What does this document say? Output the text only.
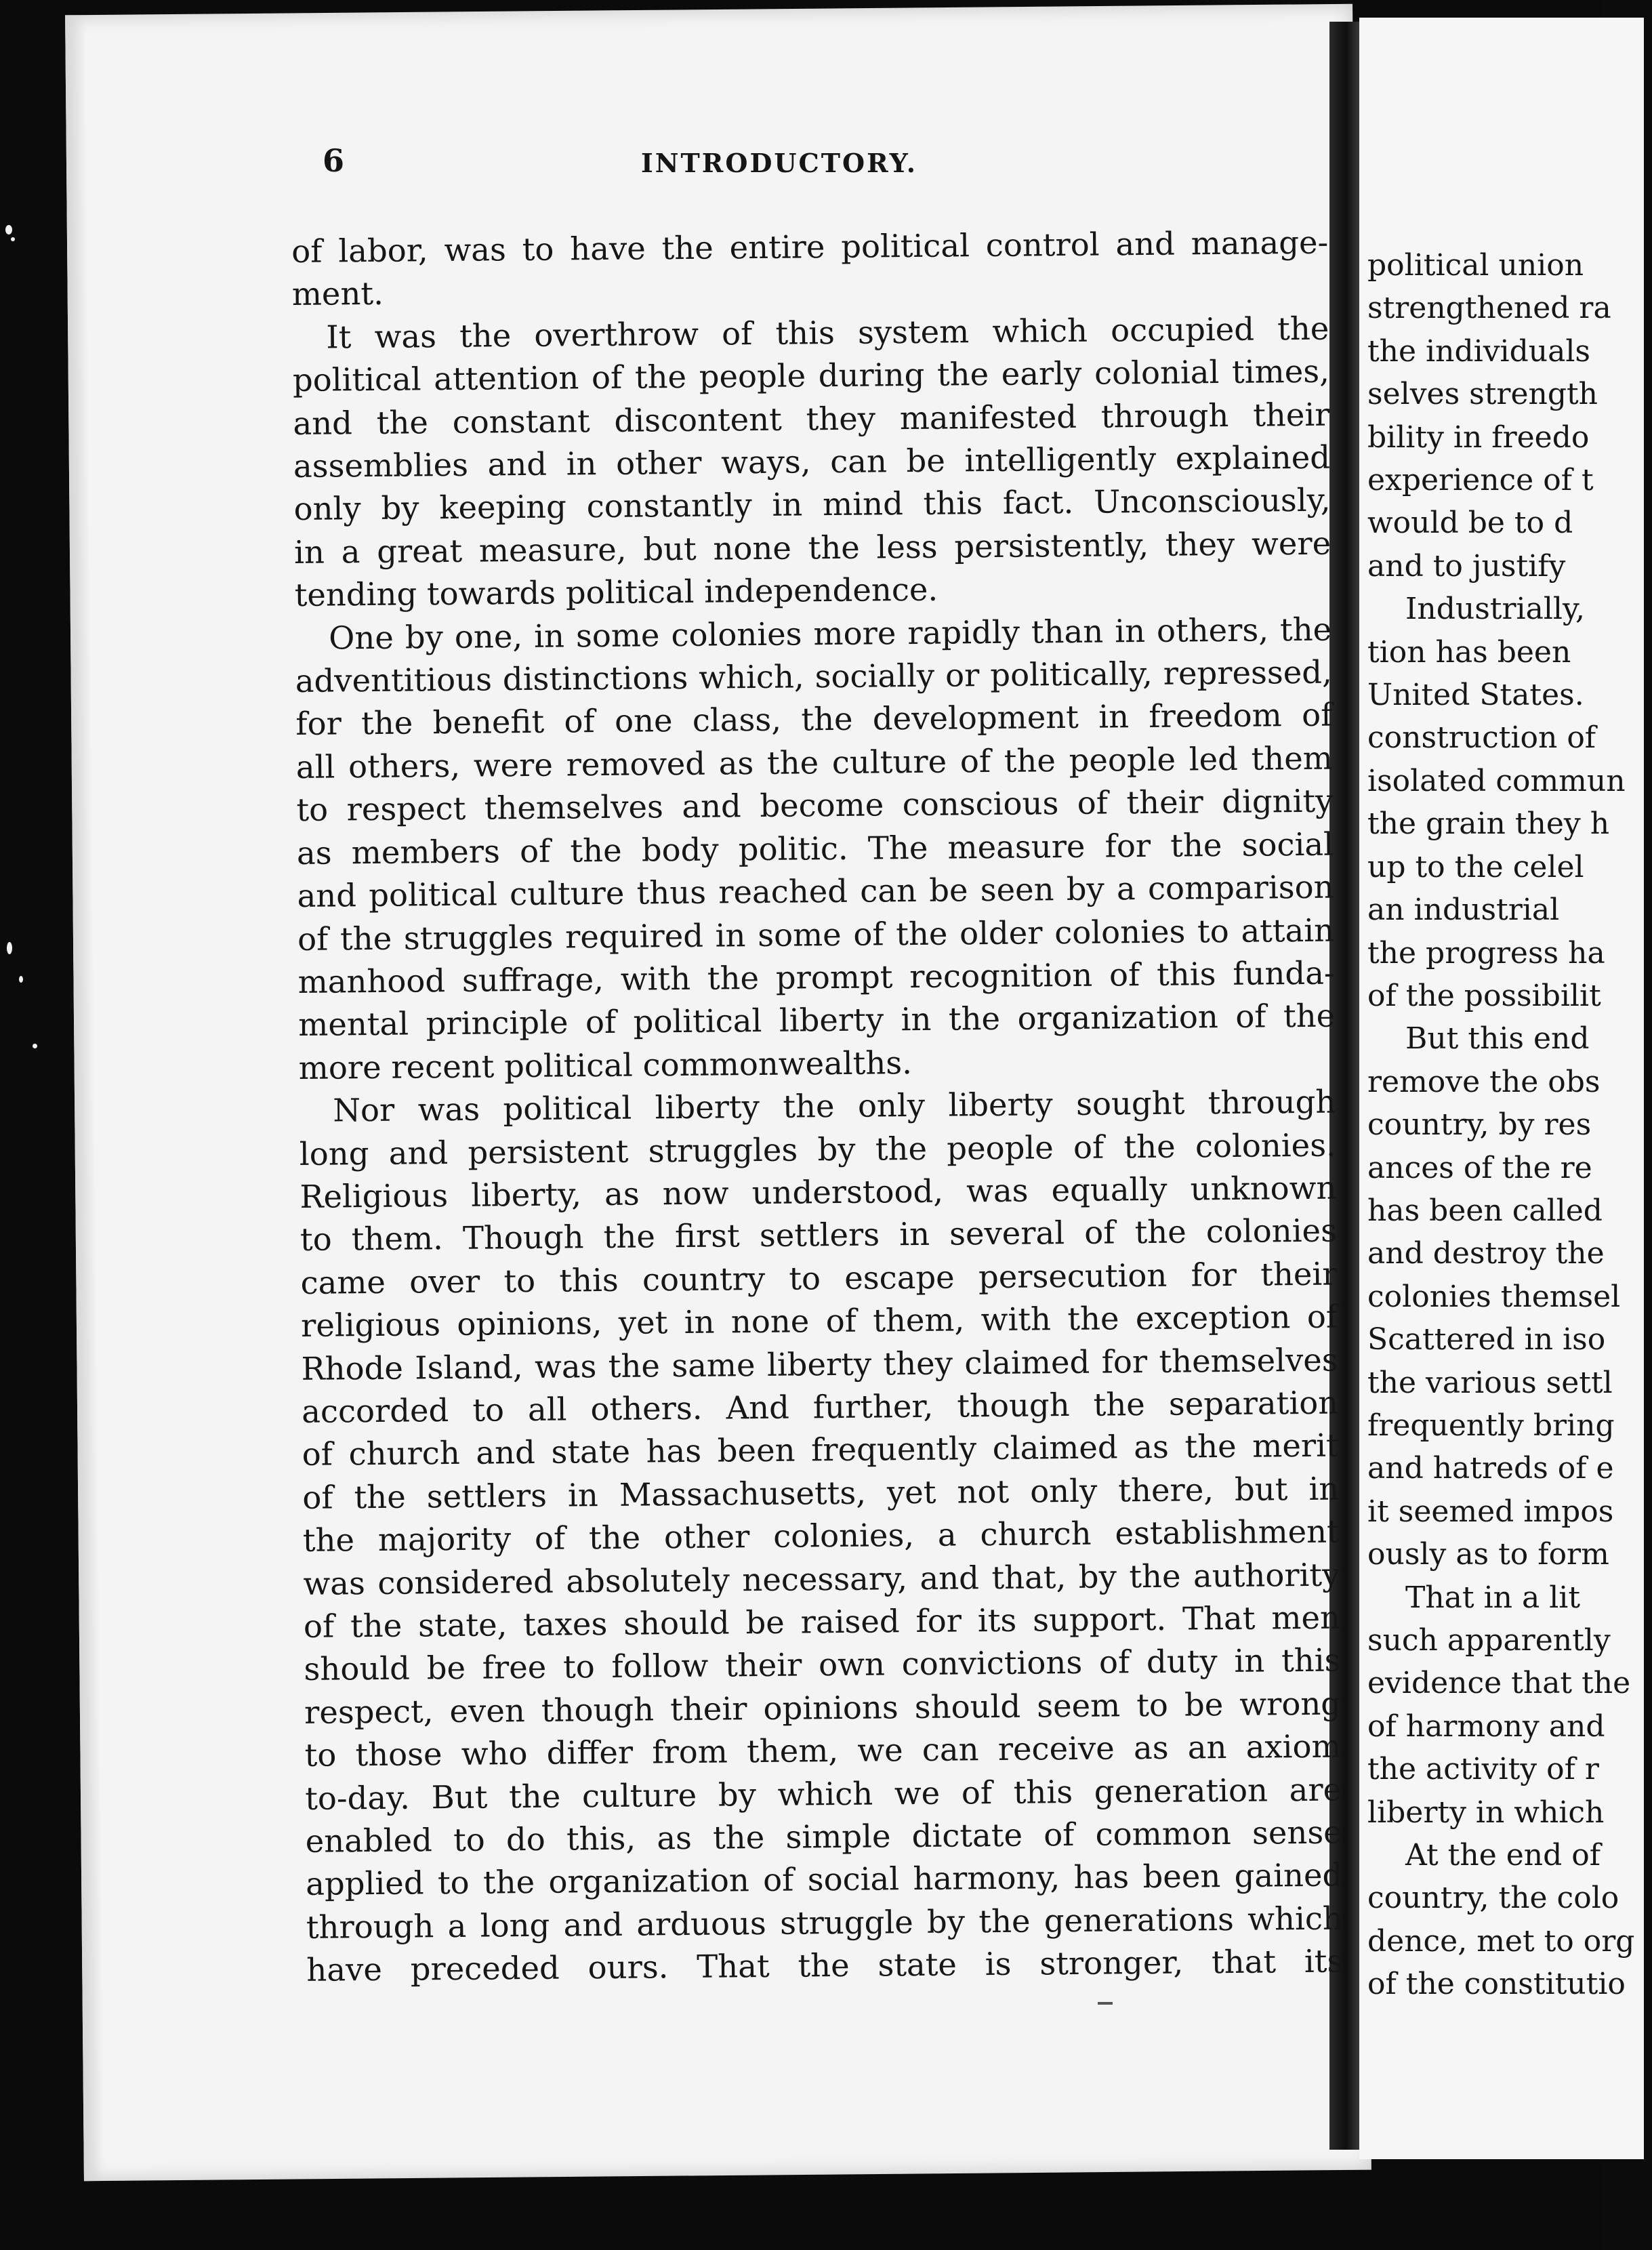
6	INTRODUCTORY.

of labor, was to have the entire political control and manage-

ment.

It was the overthrow of this system which occupied the

political attention of the people during the early colonial times,

and the constant discontent they manifested through their

assemblies and in other ways, can be intelligently explained

only by keeping constantly in mind this fact. Unconsciously,

in a great measure, but none the less persistently, they were

tending towards political independence.

One by one, in some colonies more rapidly than in others, the

adventitious distinctions which, socially or politically, repressed,

for the benefit of one class, the development in freedom of

all others, were removed as the culture of the people led them

to respect themselves and become conscious of their dignity

as members of the body politic. The measure for the social

and political culture thus reached can be seen by a comparison

of the struggles required in some of the older colonies to attain

manhood suffrage, with the prompt recognition of this funda-

mental principle of political liberty in the organization of the

more recent political commonwealths.

Nor was political liberty the only liberty sought through

long and persistent struggles by the people of the colonies.

Religious liberty, as now understood, was equally unknown

to them. Though the first settlers in several of the colonies

came over to this country to escape persecution for their

religious opinions, yet in none of them, with the exception of

Rhode Island, was the same liberty they claimed for themselves

accorded to all others. And further, though the separation

of church and state has been frequently claimed as the merit

of the settlers in Massachusetts, yet not only there, but in

the majority of the other colonies, a church establishment

was considered absolutely necessary, and that, by the authority

of the state, taxes should be raised for its support. That men

should be free to follow their own convictions of duty in this

respect, even though their opinions should seem to be wrong

to those who differ from them, we can receive as an axiom

to-day. But the culture by which we of this generation are

enabled to do this, as the simple dictate of common sense

applied to the organization of social harmony, has been gained

through a long and arduous struggle by the generations which

have preceded ours. That the state is stronger, that its

political union

strengthened ra

the individuals

selves strength

bility in freedo

experience of t

would be to d

and to justify

Industrially,

tion has been

United States.

construction of

isolated commun

the grain they h

up to the celel

an industrial

the progress ha

of the possibilit

But this end

remove the obs

country, by res

ances of the re

has been called

and destroy the

colonies themsel

Scattered in iso

the various settl

frequently bring

and hatreds of e

it seemed impos

ously as to form

That in a lit

such apparently

evidence that the

of harmony and

the activity of r

liberty in which

At the end of

country, the colo

dence, met to org

of the constitutio
